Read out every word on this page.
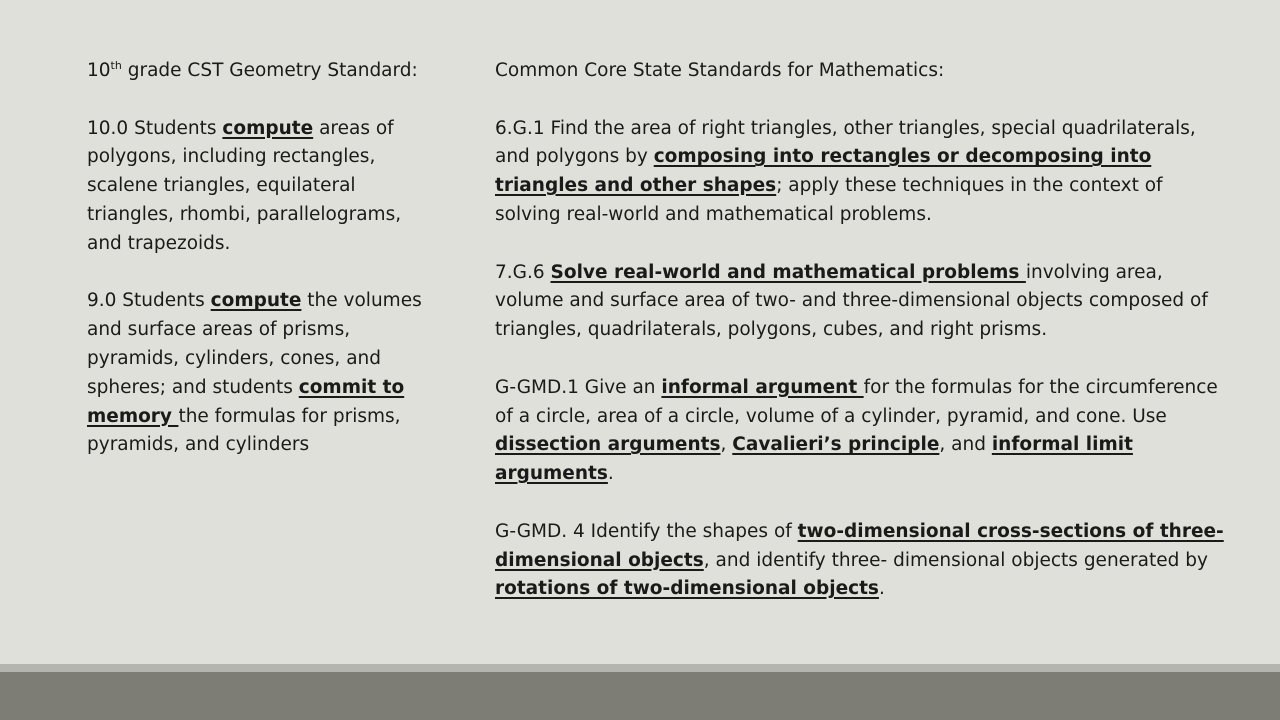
10th grade CST Geometry Standard:

10.0 Students compute areas of polygons, including rectangles, scalene triangles, equilateral triangles, rhombi, parallelograms, and trapezoids.

9.0 Students compute the volumes and surface areas of prisms, pyramids, cylinders, cones, and spheres; and students commit to memory the formulas for prisms, pyramids, and cylinders

Common Core State Standards for Mathematics:

6.G.1 Find the area of right triangles, other triangles, special quadrilaterals, and polygons by composing into rectangles or decomposing into triangles and other shapes; apply these techniques in the context of solving real-world and mathematical problems.

7.G.6 Solve real-world and mathematical problems involving area, volume and surface area of two- and three-dimensional objects composed of triangles, quadrilaterals, polygons, cubes, and right prisms.

G-GMD.1 Give an informal argument for the formulas for the circumference of a circle, area of a circle, volume of a cylinder, pyramid, and cone. Use dissection arguments, Cavalieri’s principle, and informal limit arguments.

G-GMD. 4 Identify the shapes of two-dimensional cross-sections of three-dimensional objects, and identify three- dimensional objects generated by rotations of two-dimensional objects.
